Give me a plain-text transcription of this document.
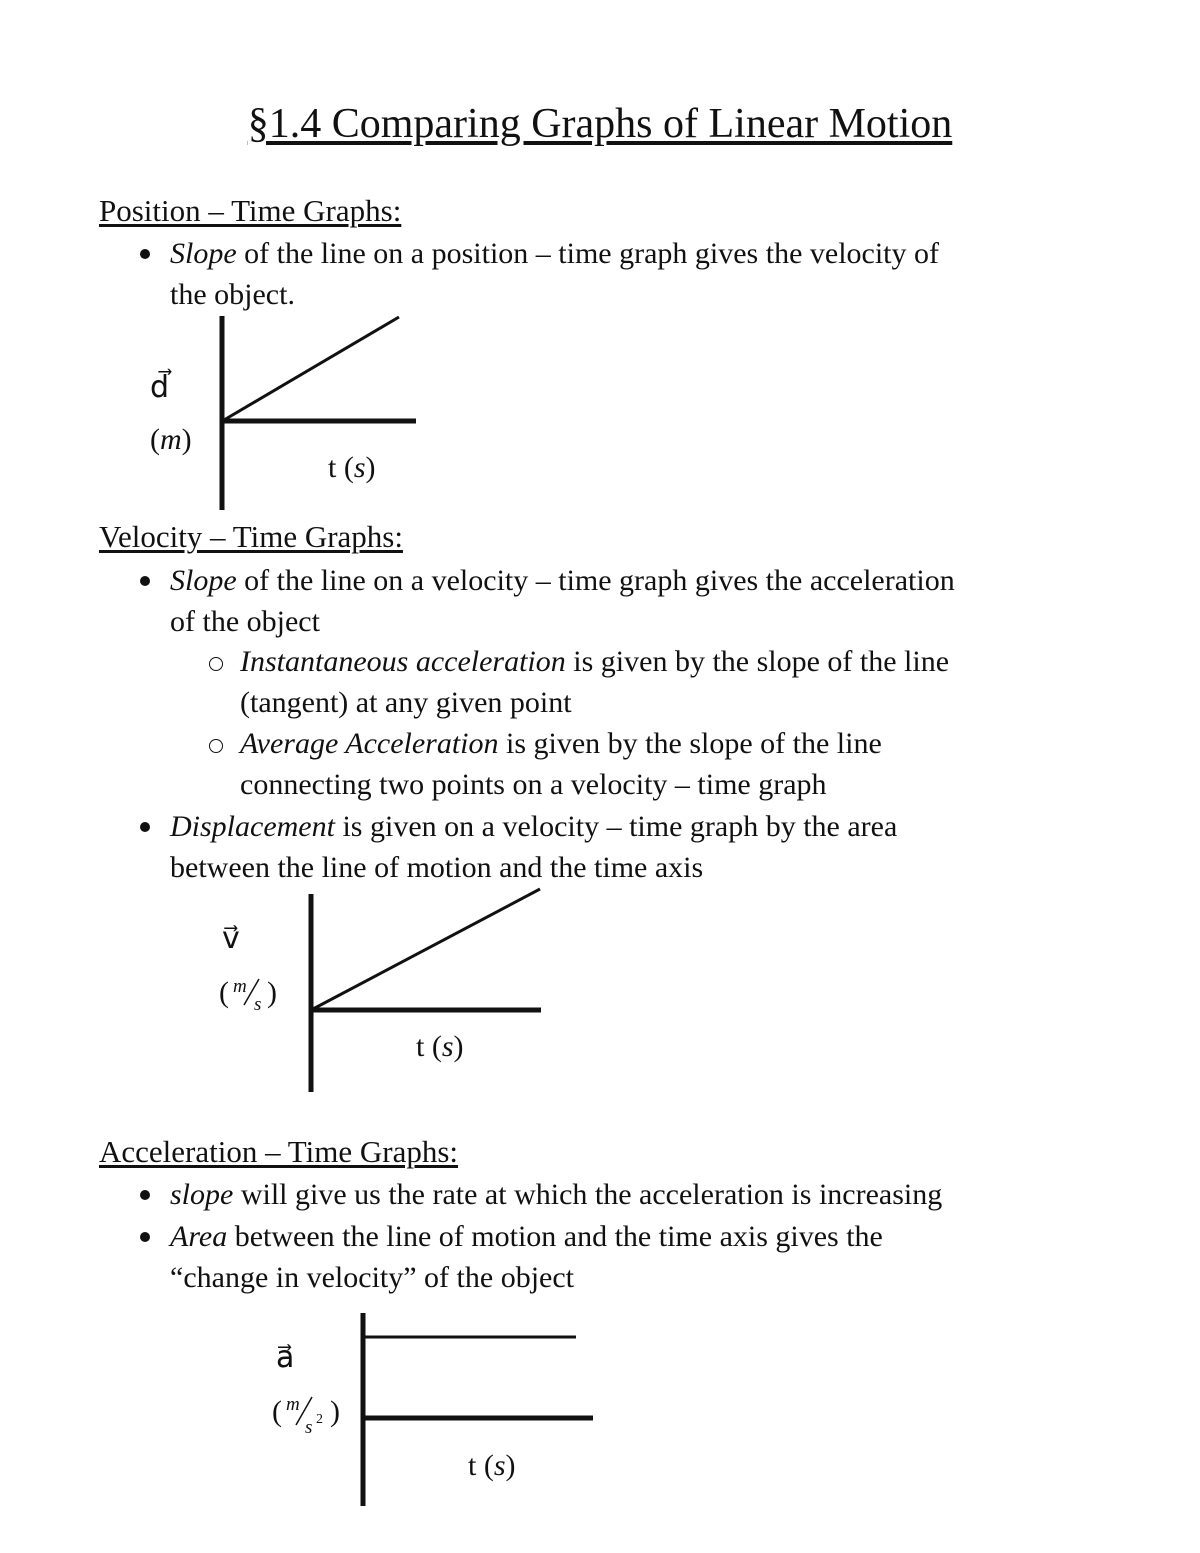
§1.4 Comparing Graphs of Linear Motion
Position – Time Graphs:
Slope of the line on a position – time graph gives the velocity of
the object.
d⃗
(m)
t (s)
Velocity – Time Graphs:
Slope of the line on a velocity – time graph gives the acceleration
of the object
Instantaneous acceleration is given by the slope of the line
(tangent) at any given point
Average Acceleration is given by the slope of the line
connecting two points on a velocity – time graph
Displacement is given on a velocity – time graph by the area
between the line of motion and the time axis
v⃗
( m
s )
t (s)
Acceleration – Time Graphs:
slope will give us the rate at which the acceleration is increasing
Area between the line of motion and the time axis gives the
“change in velocity” of the object
a⃗
( m
s 2 )
t (s)
